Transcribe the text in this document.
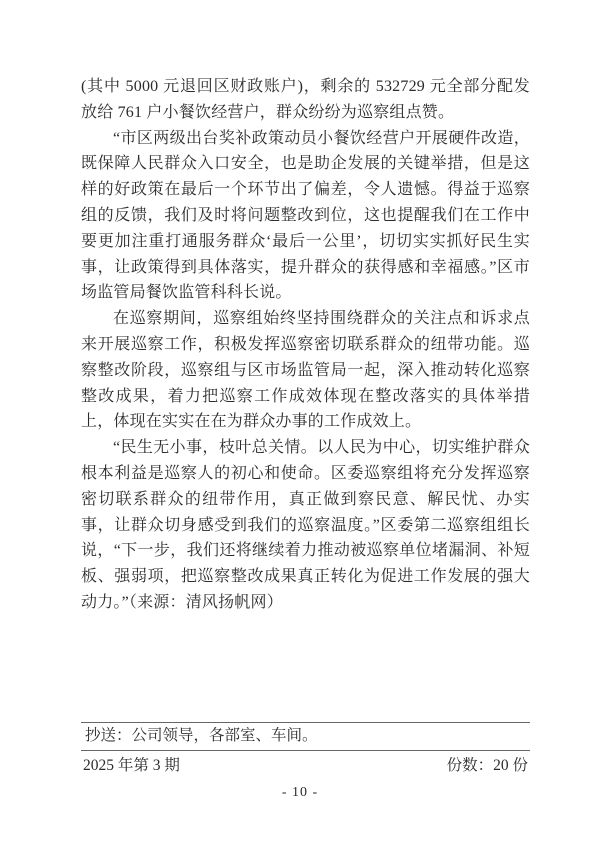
(其中 5000 元退回区财政账户)，剩余的 532729 元全部分配发放给 761 户小餐饮经营户，群众纷纷为巡察组点赞。

“市区两级出台奖补政策动员小餐饮经营户开展硬件改造，既保障人民群众入口安全，也是助企发展的关键举措，但是这样的好政策在最后一个环节出了偏差，令人遗憾。得益于巡察组的反馈，我们及时将问题整改到位，这也提醒我们在工作中要更加注重打通服务群众‘最后一公里’，切切实实抓好民生实事，让政策得到具体落实，提升群众的获得感和幸福感。”区市场监管局餐饮监管科科长说。

在巡察期间，巡察组始终坚持围绕群众的关注点和诉求点来开展巡察工作，积极发挥巡察密切联系群众的纽带功能。巡察整改阶段，巡察组与区市场监管局一起，深入推动转化巡察整改成果，着力把巡察工作成效体现在整改落实的具体举措上，体现在实实在在为群众办事的工作成效上。

“民生无小事，枝叶总关情。以人民为中心，切实维护群众根本利益是巡察人的初心和使命。区委巡察组将充分发挥巡察密切联系群众的纽带作用，真正做到察民意、解民忧、办实事，让群众切身感受到我们的巡察温度。”区委第二巡察组组长说，“下一步，我们还将继续着力推动被巡察单位堵漏洞、补短板、强弱项，把巡察整改成果真正转化为促进工作发展的强大动力。”（来源：清风扬帆网）

抄送：公司领导，各部室、车间。
2025 年第 3 期	份数：20 份
- 10 -
